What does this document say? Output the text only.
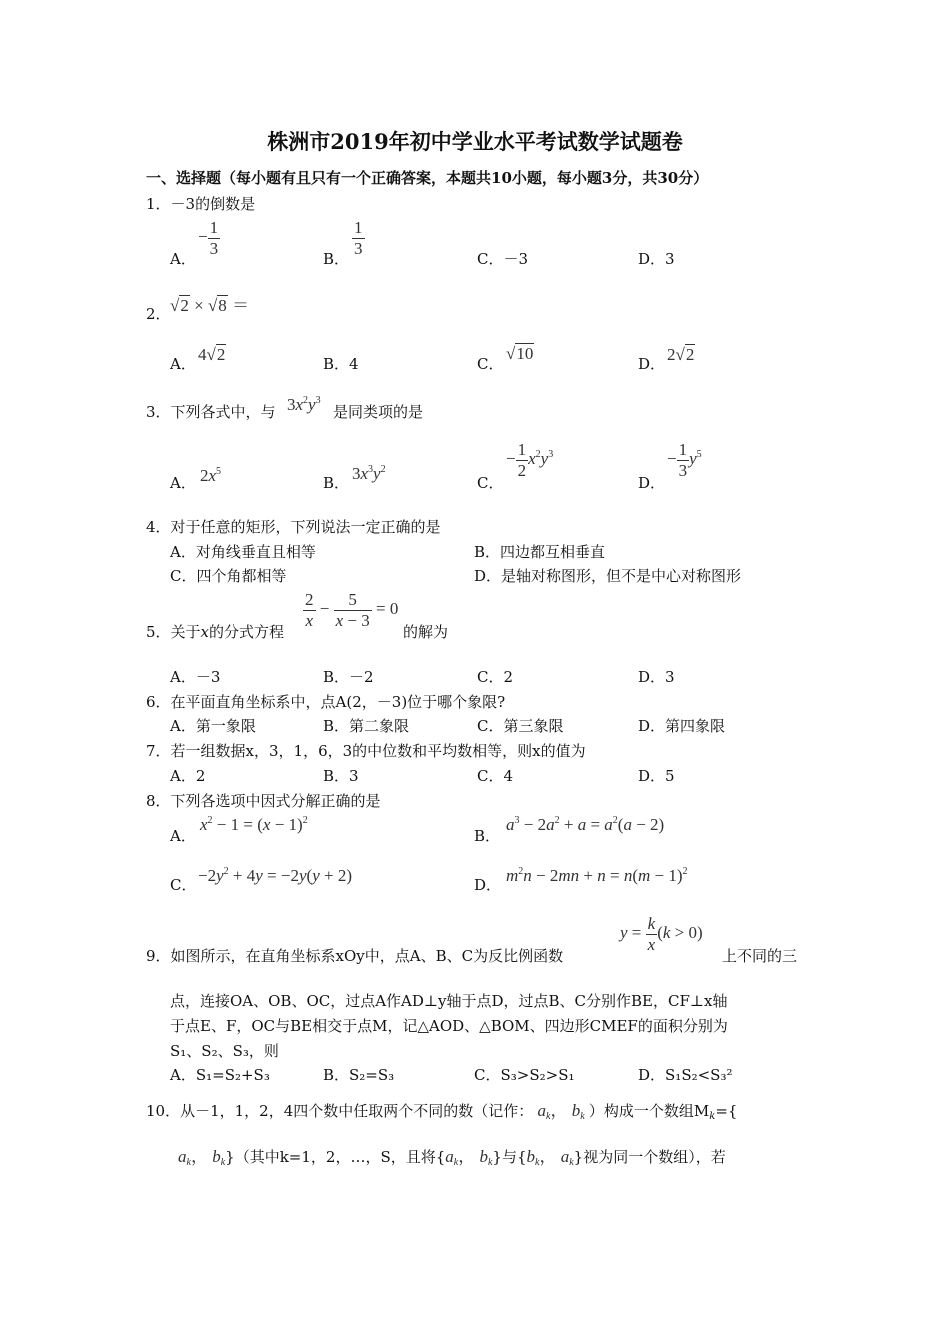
株洲市2019年初中学业水平考试数学试题卷
一、选择题（每小题有且只有一个正确答案，本题共10小题，每小题3分，共30分）
1．－3的倒数是
A．
− $\frac{1}{3}$
B．
$\frac{1}{3}$
C．－3	D．3
2． √2 × √8 ＝
A． 4√2	B．4	C．
√10
D． 2√2
3．下列各式中，与 $3x^2y^3$
是同类项的是
A． $2x^5$
B． $3x^3y^2$
C．
− $\frac{1}{2} x^2y^3$
D．
− $\frac{1}{3} y^5$
4．对于任意的矩形，下列说法一定正确的是
A．对角线垂直且相等	B．四边都互相垂直
C．四个角都相等	D．是轴对称图形，但不是中心对称图形
5．关于x的分式方程
$\frac{2}{x} - \frac{5}{x - 3} = 0$
的解为
A．－3	B．－2	C．2	D．3
6．在平面直角坐标系中，点A(2，－3)位于哪个象限?
A．第一象限	B．第二象限	C．第三象限	D．第四象限
7．若一组数据x，3，1，6，3的中位数和平均数相等，则x的值为
A．2	B．3	C．4	D．5
8．下列各选项中因式分解正确的是
A．
$x^2 - 1 = (x - 1)^2$
B．
$a^3 - 2a^2 + a = a^2(a - 2)$
C． $-2y^2 + 4y = -2y(y + 2)$	D． $m^2n - 2mn + n = n(m - 1)^2$
9．如图所示，在直角坐标系xOy中，点A、B、C为反比例函数
$y = \frac{k}{x} (k > 0)$
上不同的三
点，连接OA、OB、OC，过点A作AD⊥y轴于点D，过点B、C分别作BE，CF⊥x轴
于点E、F，OC与BE相交于点M，记△AOD、△BOM、四边形CMEF的面积分别为
S₁、S₂、S₃，则
A．S₁=S₂+S₃	B．S₂=S₃	C．S₃>S₂>S₁	D．S₁S₂<S₃²
10．从－1，1，2，4四个数中任取两个不同的数（记作： $a_k$， $b_k$ ）构成一个数组$M_k=${
$a_k$， $b_k$}（其中k=1，2，…，S，且将{$a_k$， $b_k$}与{$b_k$， $a_k$}视为同一个数组），若
